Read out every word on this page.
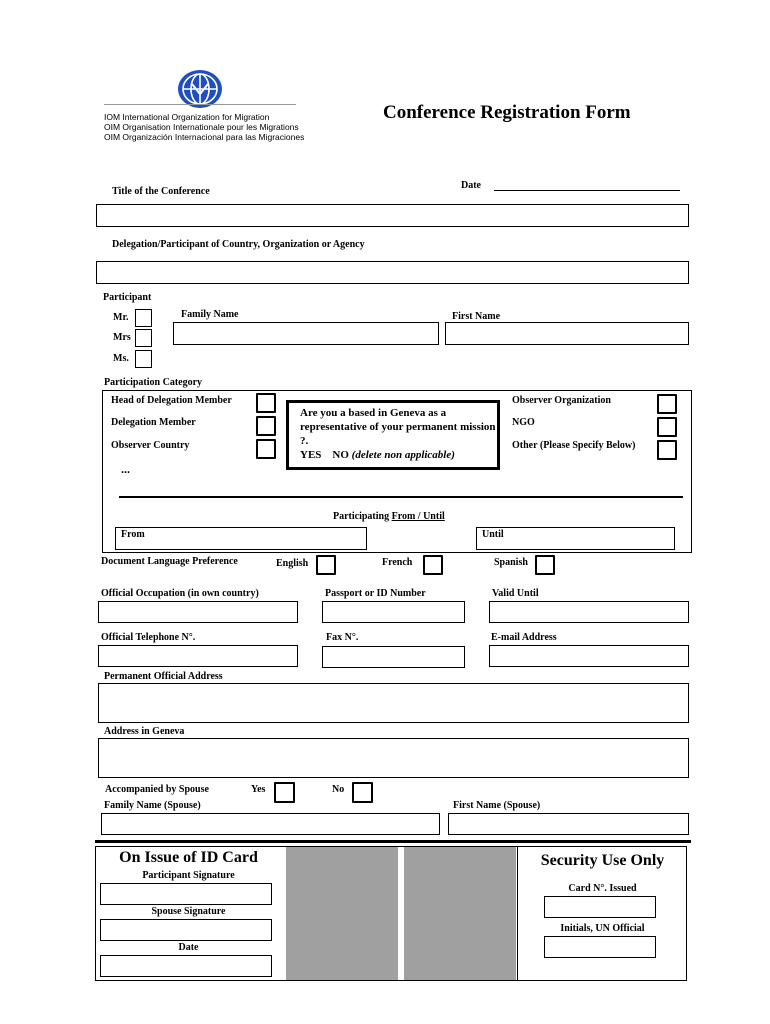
IOM International Organization for Migration
OIM Organisation Internationale pour les Migrations
OIM Organización Internacional para las Migraciones
Conference Registration Form
Date
Title of the Conference
Delegation/Participant of Country, Organization or Agency
Participant
Mr.
Mrs
Ms.
Family Name	First Name
Participation Category
Head of Delegation Member
Delegation Member
Observer Country
...
Are you a based in Geneva as a representative of your permanent mission ?.
YES    NO (delete non applicable)
Observer Organization
NGO
Other (Please Specify Below)
Participating From / Until
From	Until
Document Language Preference	English	French	Spanish
Official Occupation (in own country)	Passport or ID Number	Valid Until
Official Telephone N°.	Fax N°.	E-mail Address
Permanent Official Address
Address in Geneva
Accompanied by Spouse	Yes	No
Family Name (Spouse)	First Name (Spouse)
On Issue of ID Card
Participant Signature
Spouse Signature
Date
Security Use Only
Card N°. Issued
Initials, UN Official
